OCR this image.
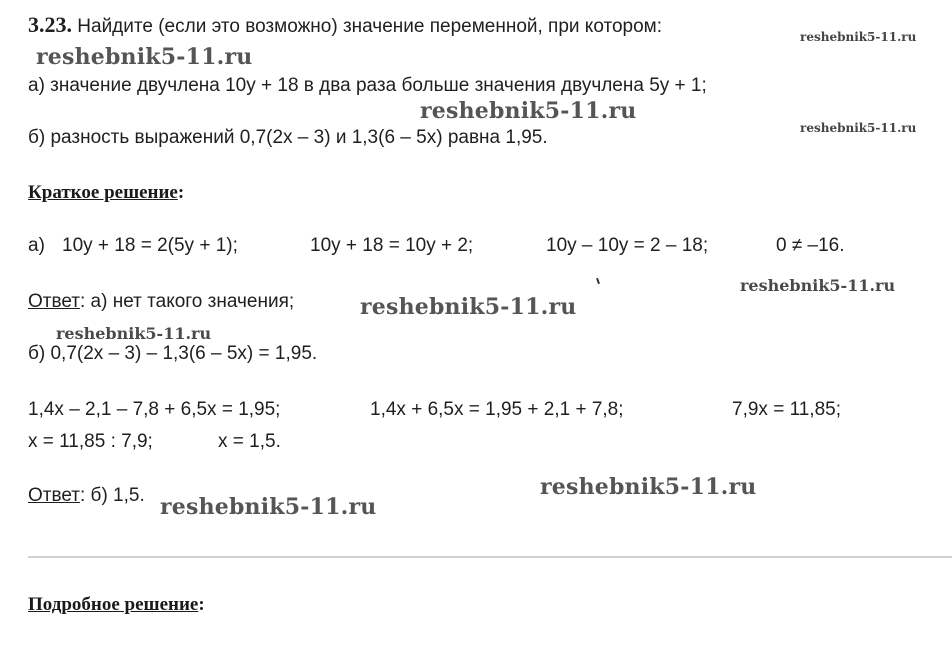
3.23. Найдите (если это возможно) значение переменной, при котором:	reshebnik5-11.ru
reshebnik5-11.ru
а) значение двучлена 10y + 18 в два раза больше значения двучлена 5y + 1;
reshebnik5-11.ru
б) разность выражений 0,7(2x – 3) и 1,3(6 – 5x) равна 1,95.	reshebnik5-11.ru
Краткое решение:
а) 10y + 18 = 2(5y + 1);	10y + 18 = 10y + 2;	10y – 10y = 2 – 18;	0 ≠ –16.
reshebnik5-11.ru
Ответ: а) нет такого значения;	reshebnik5-11.ru
reshebnik5-11.ru
б) 0,7(2x – 3) – 1,3(6 – 5x) = 1,95.
1,4x – 2,1 – 7,8 + 6,5x = 1,95;	1,4x + 6,5x = 1,95 + 2,1 + 7,8;	7,9x = 11,85;
x = 11,85 : 7,9;	x = 1,5.
Ответ: б) 1,5.	reshebnik5-11.ru
reshebnik5-11.ru
Подробное решение:
